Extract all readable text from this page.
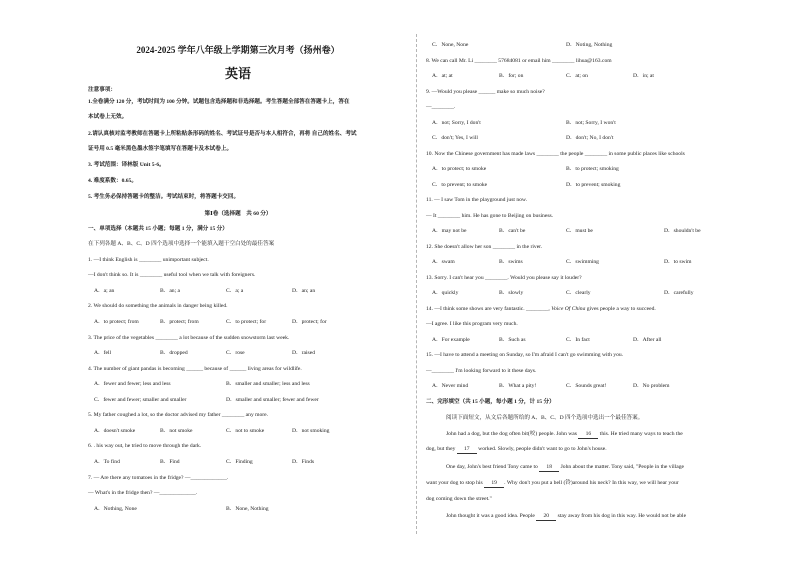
2024-2025 学年八年级上学期第三次月考（扬州卷）
英语
注意事项：
1.全卷满分 120 分，考试时间为 100 分钟。试题包含选择题和非选择题。考生答题全部答在答题卡上，答在
本试卷上无效。
2.请认真核对监考教师在答题卡上所粘贴条形码的姓名、考试证号是否与本人相符合，再将 自己的姓名、考试
证号用 0.5 毫米黑色墨水签字笔填写在答题卡及本试卷上。
3. 考试范围：译林版 Unit 5-6。
4. 难度系数：0.65。
5. 考生务必保持答题卡的整洁。考试结束时，将答题卡交回。
第Ⅰ卷（选择题　共 60 分）
一、单项选择（本题共 15 小题；每题 1 分，满分 15 分）
在下列各题 A、B、C、D 四个选项中选择一个能填入题干空白处的最佳答案
1. —I think English is ________ unimportant subject.
—I don't think so. It is ________ useful tool when we talk with foreigners.
A．a; an	B．an; a	C．a; a	D．an; an
2. We should do something the animals in danger being killed.
A．to protect; from	B．protect; from	C．to protect; for	D．protect; for
3. The price of the vegetables ________ a lot because of the sudden snowstorm last week.
A．fell	B．dropped	C．rose	D．raised
4. The number of giant pandas is becoming ______ because of ______ living areas for wildlife.
A．fewer and fewer; less and less	B．smaller and smaller; less and less
C．fewer and fewer; smaller and smaller	D．smaller and smaller; fewer and fewer
5. My father coughed a lot, so the doctor advised my father ________ any more.
A．doesn't smoke	B．not smoke	C．not to smoke	D．not smoking
6. . his way out, he tried to move through the dark.
A．To find	B．Find	C．Finding	D．Finds
7. — Are there any tomatoes in the fridge? —_____________.
— What's in the fridge then? —_____________.
A．Nothing, None	B．None, Nothing
C．None, None	D．Noting, Nothing
8. We can call Mr. Li ________ 57684081 or email him ________ lihua@163.com
A．at; at	B．for; on	C．at; on	D．in; at
9. —Would you please ______ make so much noise?
—________.
A．not; Sorry, I don't	B．not; Sorry, I won't
C．don't; Yes, I will	D．don't; No, I don't
10. Now the Chinese government has made laws ________ the people ________ in some public places like schools
A．to protect; to smoke	B．to protect; smoking
C．to prevent; to smoke	D．to prevent; smoking
11. — I saw Tom in the playground just now.
— It ________ him. He has gone to Beijing on business.
A．may not be	B．can't be	C．must be	D．shouldn't be
12. She doesn't allow her son ________ in the river.
A．swam	B．swims	C．swimming	D．to swim
13. Sorry. I can't hear you ________. Would you please say it louder?
A．quickly	B．slowly	C．clearly	D．carefully
14. —I think some shows are very fantastic. ________, Voice Of China gives people a way to succeed.
—I agree. I like this program very much.
A．For example	B．Such as	C．In fact	D．After all
15. —I have to attend a meeting on Sunday, so I'm afraid I can't go swimming with you.
—________ I'm looking forward to it these days.
A．Never mind	B．What a pity!	C．Sounds great!	D．No problem
二、完形填空（共 15 小题，每小题 1 分，计 15 分）
阅读下面短文，从文后各题所给的 A、B、C、D 四个选项中选出一个最佳答案。
John had a dog, but the dog often bit(咬) people. John was 16 this. He tried many ways to teach the
dog, but they 17 worked. Slowly, people didn't want to go to John's house.
One day, John's best friend Tony came to 18 John about the matter. Tony said, "People in the village
want your dog to stop his 19 . Why don't you put a bell (铃)around his neck? In this way, we will hear your
dog coming down the street."
John thought it was a good idea. People 20 stay away from his dog in this way. He would not be able
